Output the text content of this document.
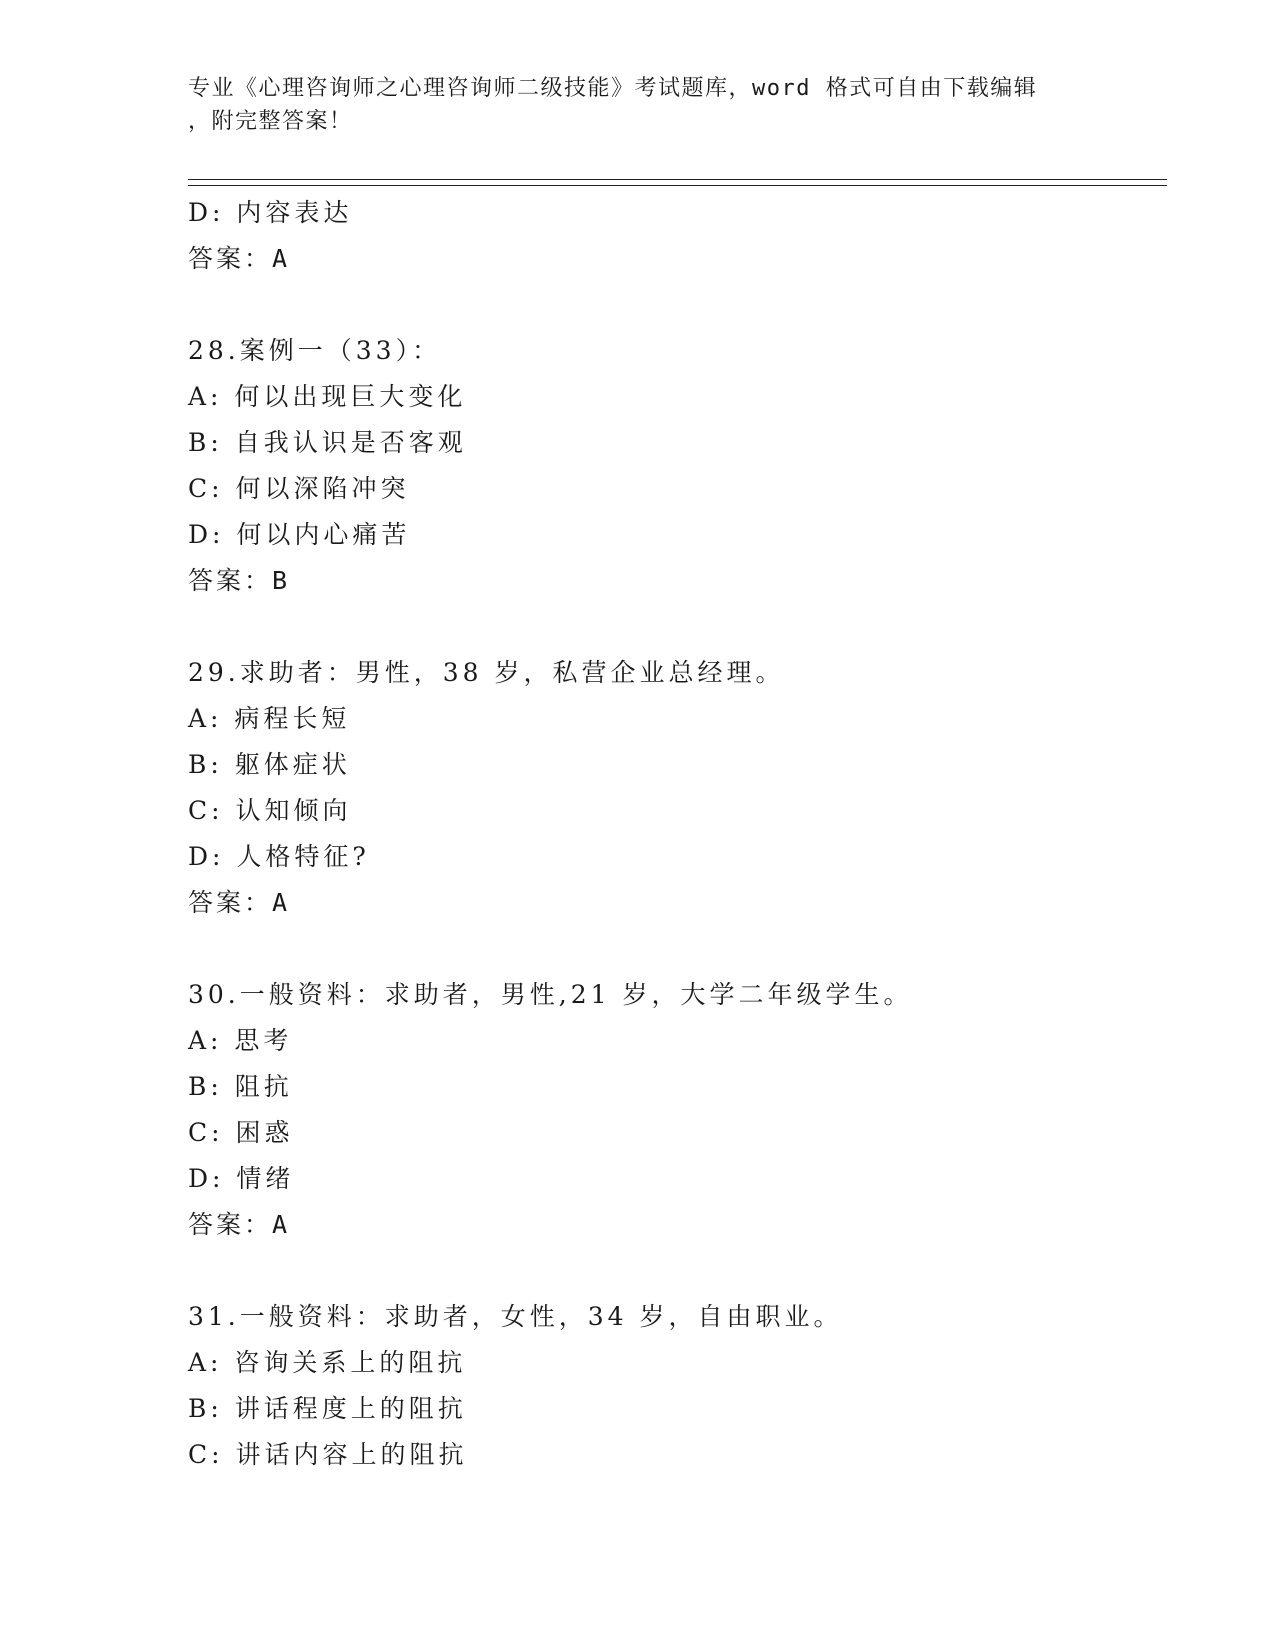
专业《心理咨询师之心理咨询师二级技能》考试题库，word 格式可自由下载编辑
，附完整答案！
D: 内容表达
答案：A
28.案例一（33）：
A: 何以出现巨大变化
B: 自我认识是否客观
C: 何以深陷冲突
D: 何以内心痛苦
答案：B
29.求助者：男性，38 岁，私营企业总经理。
A: 病程长短
B: 躯体症状
C: 认知倾向
D: 人格特征?
答案：A
30.一般资料：求助者，男性,21 岁，大学二年级学生。
A: 思考
B: 阻抗
C: 困惑
D: 情绪
答案：A
31.一般资料：求助者，女性，34 岁，自由职业。
A: 咨询关系上的阻抗
B: 讲话程度上的阻抗
C: 讲话内容上的阻抗
